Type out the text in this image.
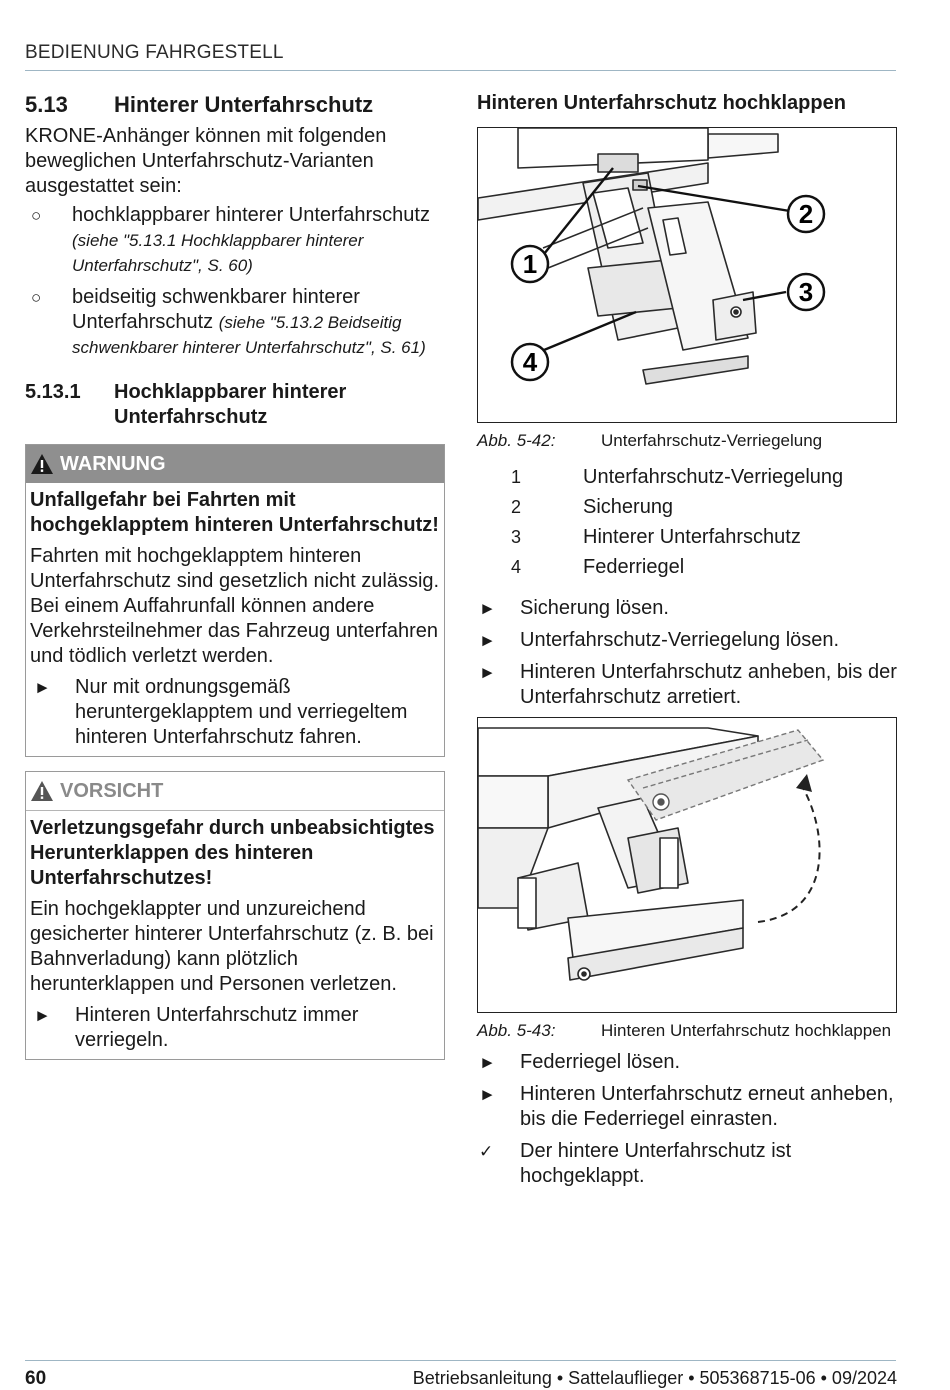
BEDIENUNG FAHRGESTELL
5.13	Hinterer Unterfahrschutz

KRONE-Anhänger können mit folgenden beweglichen Unterfahrschutz-Varianten ausgestattet sein:

○	hochklappbarer hinterer Unterfahrschutz (siehe "5.13.1 Hochklappbarer hinterer Unterfahrschutz", S. 60)
○	beidseitig schwenkbarer hinterer Unterfahrschutz (siehe "5.13.2 Beidseitig schwenkbarer hinterer Unterfahrschutz", S. 61)
5.13.1	Hochklappbarer hinterer Unterfahrschutz
WARNUNG
Unfallgefahr bei Fahrten mit hochgeklapptem hinteren Unterfahrschutz!
Fahrten mit hochgeklapptem hinteren Unterfahrschutz sind gesetzlich nicht zulässig. Bei einem Auffahrunfall können andere Verkehrsteilnehmer das Fahrzeug unterfahren und tödlich verletzt werden.
►	Nur mit ordnungsgemäß heruntergeklapptem und verriegeltem hinteren Unterfahrschutz fahren.
VORSICHT
Verletzungsgefahr durch unbeabsichtigtes Herunterklappen des hinteren Unterfahrschutzes!
Ein hochgeklappter und unzureichend gesicherter hinterer Unterfahrschutz (z. B. bei Bahnverladung) kann plötzlich herunterklappen und Personen verletzen.
►	Hinteren Unterfahrschutz immer verriegeln.
Hinteren Unterfahrschutz hochklappen
1
2
3
4
Abb. 5-42:	Unterfahrschutz-Verriegelung
1	Unterfahrschutz-Verriegelung
2	Sicherung
3	Hinterer Unterfahrschutz
4	Federriegel
►	Sicherung lösen.
►	Unterfahrschutz-Verriegelung lösen.
►	Hinteren Unterfahrschutz anheben, bis der Unterfahrschutz arretiert.
Abb. 5-43:	Hinteren Unterfahrschutz hochklappen
►	Federriegel lösen.
►	Hinteren Unterfahrschutz erneut anheben, bis die Federriegel einrasten.
✓	Der hintere Unterfahrschutz ist hochgeklappt.
60	Betriebsanleitung • Sattelauflieger • 505368715-06 • 09/2024
